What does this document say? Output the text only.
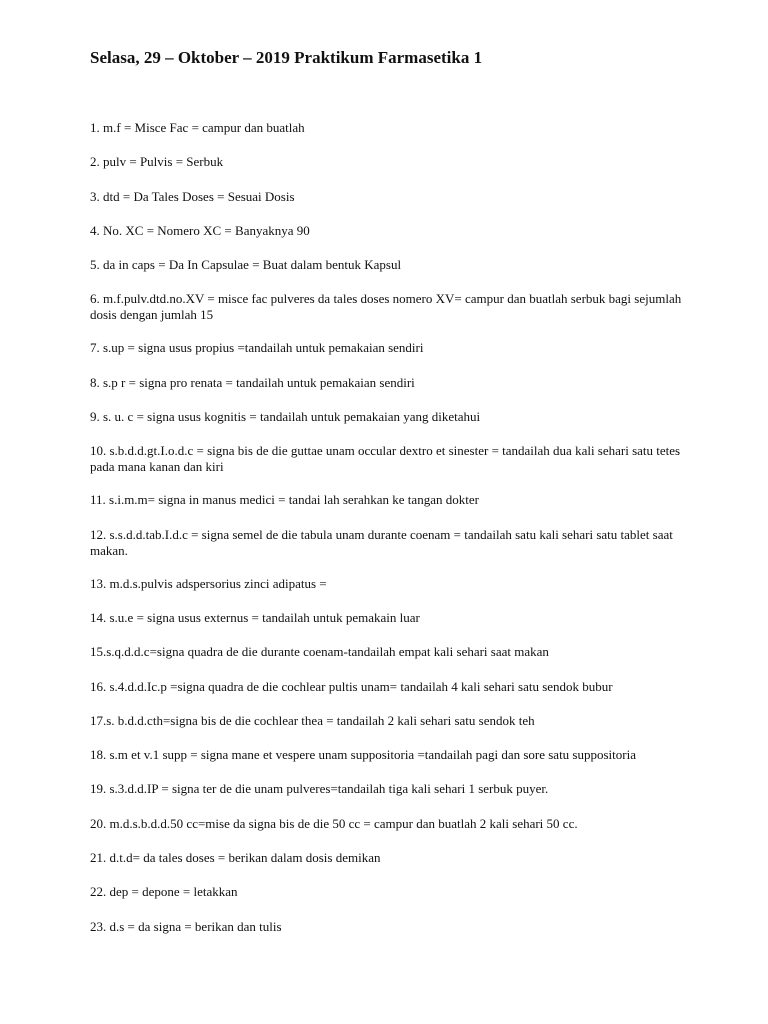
Selasa, 29 – Oktober – 2019 Praktikum Farmasetika 1
1. m.f = Misce Fac = campur dan buatlah
2. pulv = Pulvis = Serbuk
3. dtd = Da Tales Doses = Sesuai Dosis
4. No. XC = Nomero XC = Banyaknya 90
5. da in caps = Da In Capsulae = Buat dalam bentuk Kapsul
6. m.f.pulv.dtd.no.XV = misce fac pulveres da tales doses nomero XV= campur dan buatlah serbuk bagi sejumlah dosis dengan jumlah 15
7. s.up = signa usus propius =tandailah untuk pemakaian sendiri
8. s.p r = signa pro renata = tandailah untuk pemakaian sendiri
9. s. u. c = signa usus kognitis = tandailah untuk pemakaian yang diketahui
10. s.b.d.d.gt.I.o.d.c = signa bis de die guttae unam occular dextro et sinester = tandailah dua kali sehari satu tetes pada mana kanan dan kiri
11. s.i.m.m= signa in manus medici = tandai lah serahkan ke tangan dokter
12. s.s.d.d.tab.I.d.c = signa semel de die tabula unam durante coenam = tandailah satu kali sehari satu tablet saat makan.
13. m.d.s.pulvis adspersorius zinci adipatus =
14. s.u.e = signa usus externus = tandailah untuk pemakain luar
15.s.q.d.d.c=signa quadra de die durante coenam-tandailah empat kali sehari saat makan
16. s.4.d.d.Ic.p =signa quadra de die cochlear pultis unam= tandailah 4 kali sehari satu sendok bubur
17.s. b.d.d.cth=signa bis de die cochlear thea = tandailah 2 kali sehari satu sendok teh
18. s.m et v.1 supp = signa mane et vespere unam suppositoria =tandailah pagi dan sore satu suppositoria
19. s.3.d.d.IP = signa ter de die unam pulveres=tandailah tiga kali sehari 1 serbuk puyer.
20. m.d.s.b.d.d.50 cc=mise da signa bis de die 50 cc = campur dan buatlah 2 kali sehari 50 cc.
21. d.t.d= da tales doses = berikan dalam dosis demikan
22. dep = depone = letakkan
23. d.s = da signa = berikan dan tulis
